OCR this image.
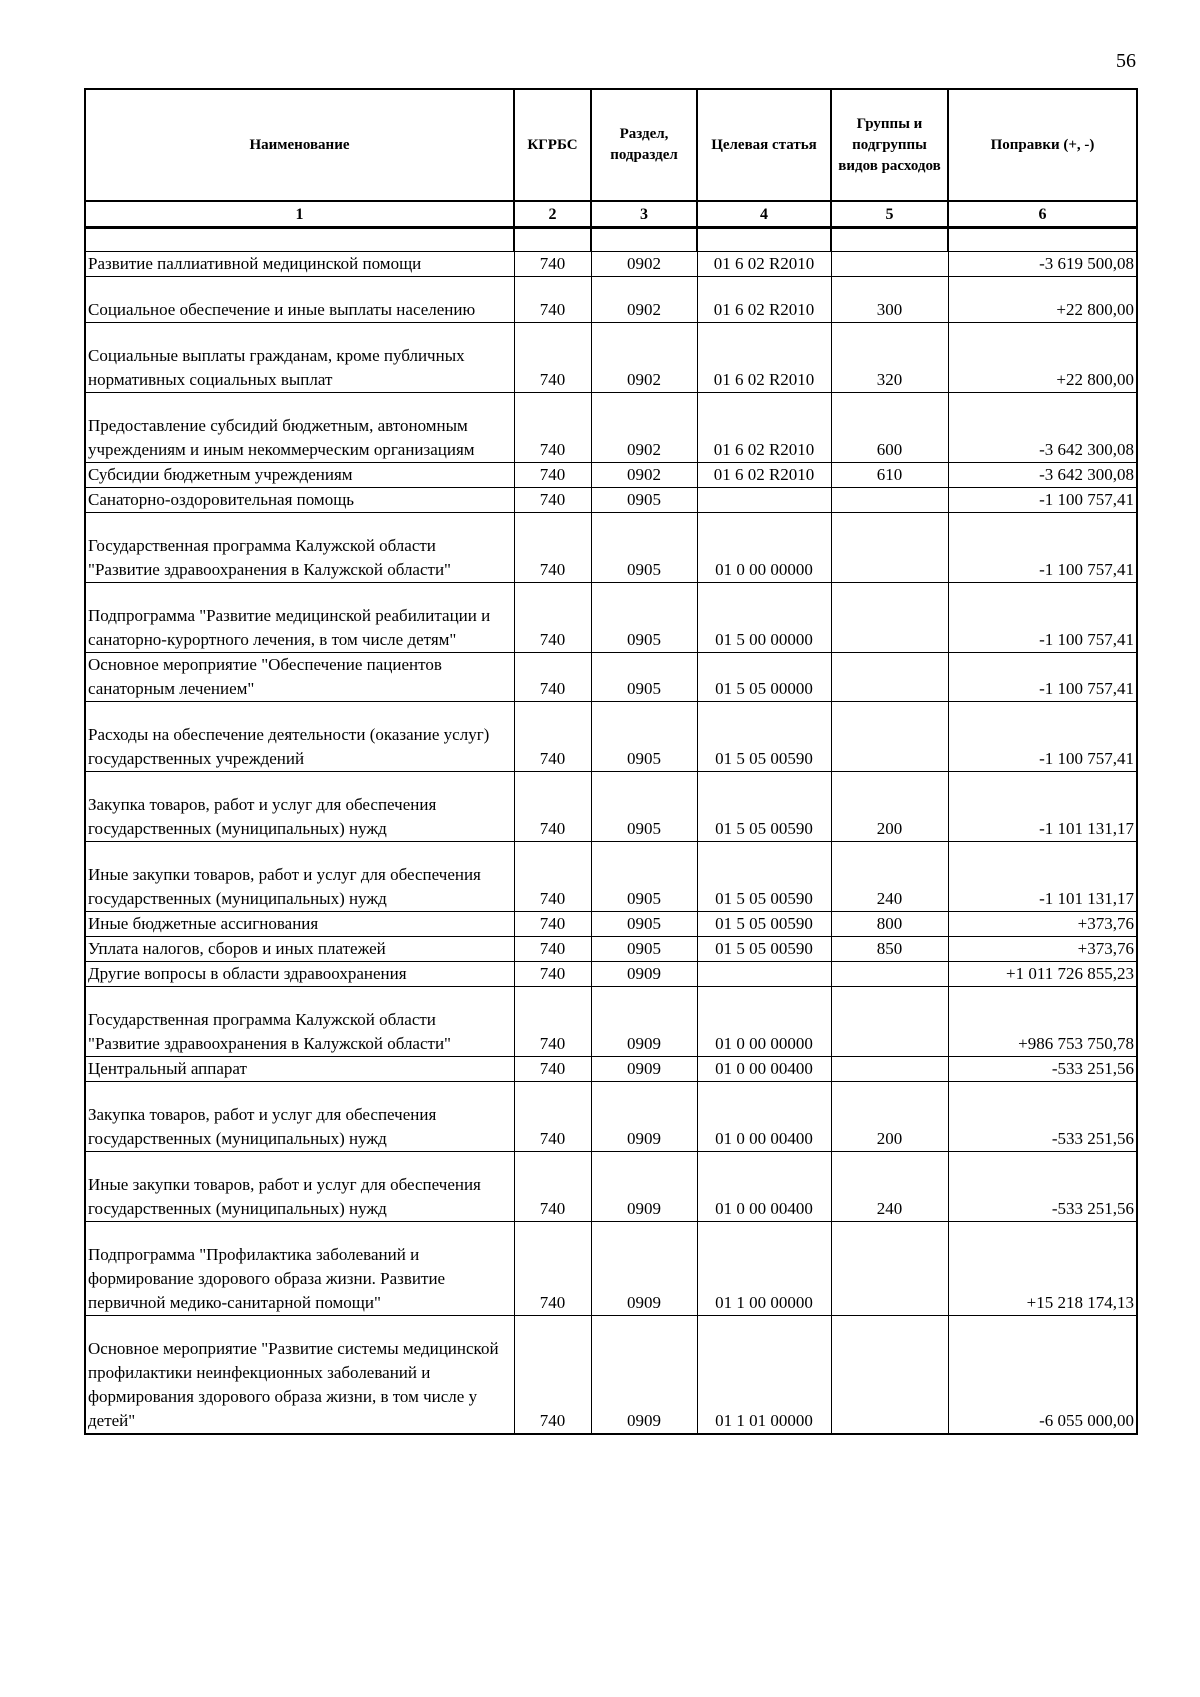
56
Наименование	КГРБС	Раздел, подраздел	Целевая статья	Группы и подгруппы видов расходов	Поправки (+, -)
1	2	3	4	5	6

Развитие паллиативной медицинской помощи	740	0902	01 6 02 R2010		-3 619 500,08
Социальное обеспечение и иные выплаты населению	740	0902	01 6 02 R2010	300	+22 800,00
Социальные выплаты гражданам, кроме публичных нормативных социальных выплат	740	0902	01 6 02 R2010	320	+22 800,00
Предоставление субсидий бюджетным, автономным учреждениям и иным некоммерческим организациям	740	0902	01 6 02 R2010	600	-3 642 300,08
Субсидии бюджетным учреждениям	740	0902	01 6 02 R2010	610	-3 642 300,08
Санаторно-оздоровительная помощь	740	0905			-1 100 757,41
Государственная программа Калужской области "Развитие здравоохранения в Калужской области"	740	0905	01 0 00 00000		-1 100 757,41
Подпрограмма "Развитие медицинской реабилитации и санаторно-курортного лечения, в том числе детям"	740	0905	01 5 00 00000		-1 100 757,41
Основное мероприятие "Обеспечение пациентов санаторным лечением"	740	0905	01 5 05 00000		-1 100 757,41
Расходы на обеспечение деятельности (оказание услуг) государственных учреждений	740	0905	01 5 05 00590		-1 100 757,41
Закупка товаров, работ и услуг для обеспечения государственных (муниципальных) нужд	740	0905	01 5 05 00590	200	-1 101 131,17
Иные закупки товаров, работ и услуг для обеспечения государственных (муниципальных) нужд	740	0905	01 5 05 00590	240	-1 101 131,17
Иные бюджетные ассигнования	740	0905	01 5 05 00590	800	+373,76
Уплата налогов, сборов и иных платежей	740	0905	01 5 05 00590	850	+373,76
Другие вопросы в области здравоохранения	740	0909			+1 011 726 855,23
Государственная программа Калужской области "Развитие здравоохранения в Калужской области"	740	0909	01 0 00 00000		+986 753 750,78
Центральный аппарат	740	0909	01 0 00 00400		-533 251,56
Закупка товаров, работ и услуг для обеспечения государственных (муниципальных) нужд	740	0909	01 0 00 00400	200	-533 251,56
Иные закупки товаров, работ и услуг для обеспечения государственных (муниципальных) нужд	740	0909	01 0 00 00400	240	-533 251,56
Подпрограмма "Профилактика заболеваний и формирование здорового образа жизни. Развитие первичной медико-санитарной помощи"	740	0909	01 1 00 00000		+15 218 174,13
Основное мероприятие "Развитие системы медицинской профилактики неинфекционных заболеваний и формирования здорового образа жизни, в том числе у детей"	740	0909	01 1 01 00000		-6 055 000,00
